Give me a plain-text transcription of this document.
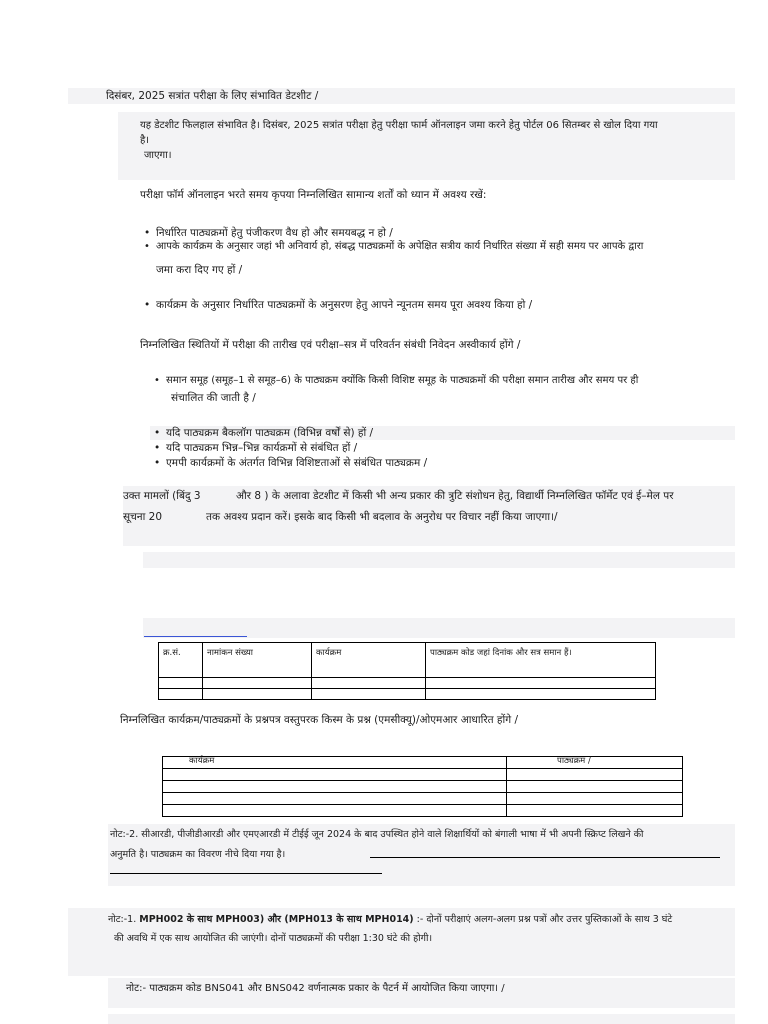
दिसंबर, 2025 सत्रांत परीक्षा के लिए संभावित डेटशीट /
यह डेटशीट फिलहाल संभावित है। दिसंबर, 2025 सत्रांत परीक्षा हेतु परीक्षा फार्म ऑनलाइन जमा करने हेतु पोर्टल 06 सितम्बर से खोल दिया गया
है।
जाएगा।
परीक्षा फॉर्म ऑनलाइन भरते समय कृपया निम्नलिखित सामान्य शर्तों को ध्यान में अवश्य रखें:
• निर्धारित पाठ्यक्रमों हेतु पंजीकरण वैध हो और समयबद्ध न हो /
• आपके कार्यक्रम के अनुसार जहां भी अनिवार्य हो, संबद्ध पाठ्यक्रमों के अपेक्षित सत्रीय कार्य निर्धारित संख्या में सही समय पर आपके द्वारा
जमा करा दिए गए हों /
• कार्यक्रम के अनुसार निर्धारित पाठ्यक्रमों के अनुसरण हेतु आपने न्यूनतम समय पूरा अवश्य किया हो /
निम्नलिखित स्थितियों में परीक्षा की तारीख एवं परीक्षा–सत्र में परिवर्तन संबंधी निवेदन अस्वीकार्य होंगे /
• समान समूह (समूह–1 से समूह–6) के पाठ्यक्रम क्योंकि किसी विशिष्ट समूह के पाठ्यक्रमों की परीक्षा समान तारीख और समय पर ही
संचालित की जाती है /
• यदि पाठ्यक्रम बैकलॉग पाठ्यक्रम (विभिन्न वर्षों से) हों /
• यदि पाठ्यक्रम भिन्न–भिन्न कार्यक्रमों से संबंधित हों /
• एमपी कार्यक्रमों के अंतर्गत विभिन्न विशिष्टताओं से संबंधित पाठ्यक्रम /
उक्त मामलों (बिंदु 3	और 8 ) के अलावा डेटशीट में किसी भी अन्य प्रकार की त्रुटि संशोधन हेतु, विद्यार्थी निम्नलिखित फॉर्मेट एवं ई–मेल पर
सूचना 20	तक अवश्य प्रदान करें। इसके बाद किसी भी बदलाव के अनुरोध पर विचार नहीं किया जाएगा।/
क्र.सं.	नामांकन संख्या	कार्यक्रम	पाठ्यक्रम कोड जहां दिनांक और सत्र समान हैं।

निम्नलिखित कार्यक्रम/पाठ्यक्रमों के प्रश्नपत्र वस्तुपरक किस्म के प्रश्न (एमसीक्यू)/ओएमआर आधारित होंगे /
कार्यक्रम	पाठ्यक्रम /

नोट:-2. सीआरडी, पीजीडीआरडी और एमएआरडी में टीईई जून 2024 के बाद उपस्थित होने वाले शिक्षार्थियों को बंगाली भाषा में भी अपनी स्क्रिप्ट लिखने की
अनुमति है। पाठ्यक्रम का विवरण नीचे दिया गया है।
नोट:-1. MPH002 के साथ MPH003) और (MPH013 के साथ MPH014) :- दोनों परीक्षाएं अलग-अलग प्रश्न पत्रों और उत्तर पुस्तिकाओं के साथ 3 घंटे
की अवधि में एक साथ आयोजित की जाएंगी। दोनों पाठ्यक्रमों की परीक्षा 1:30 घंटे की होगी।
नोट:- पाठ्यक्रम कोड BNS041 और BNS042 वर्णनात्मक प्रकार के पैटर्न में आयोजित किया जाएगा। /
